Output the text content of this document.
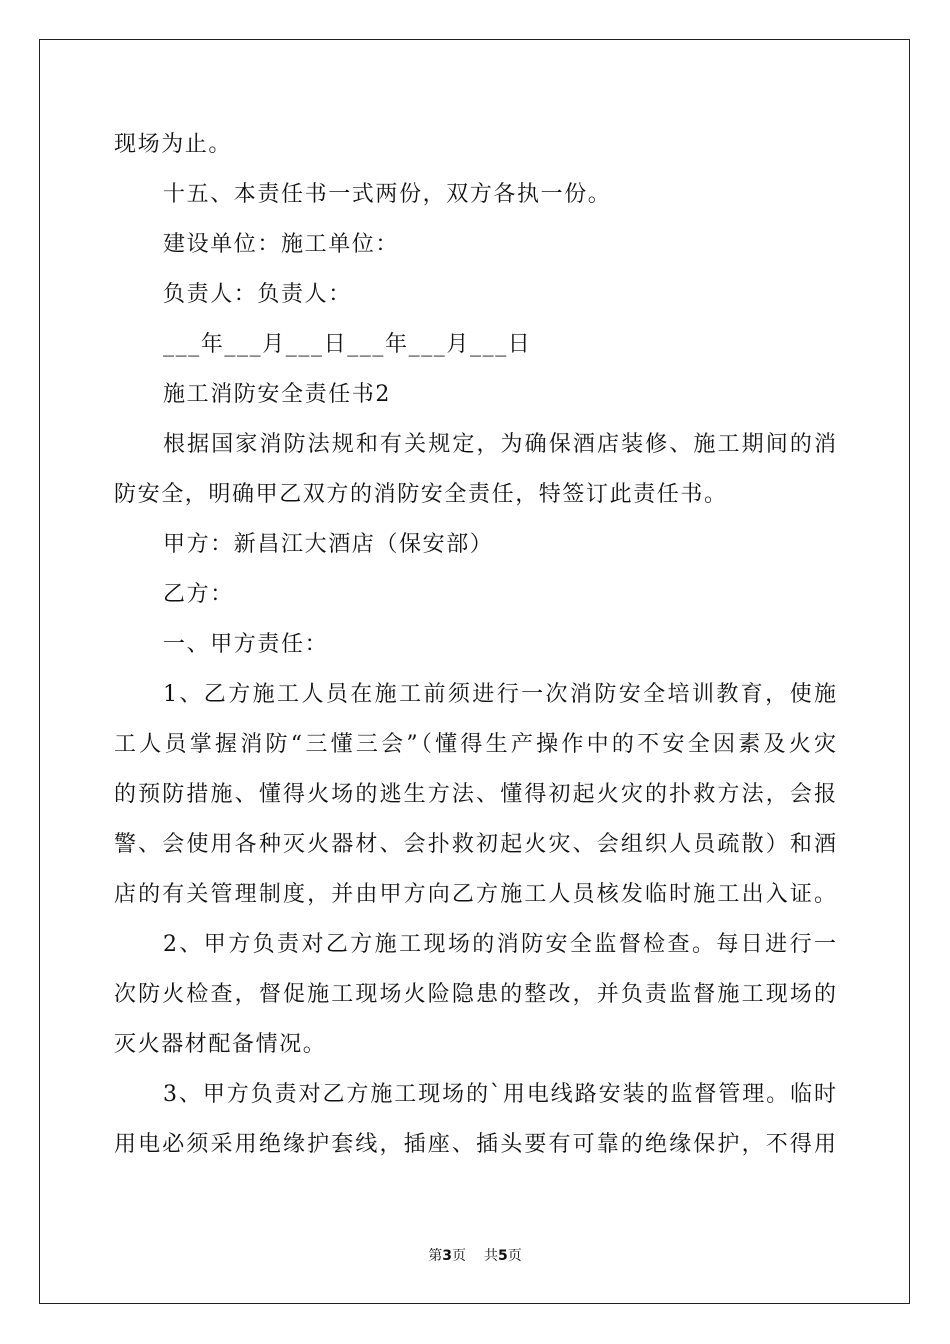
现场为止。
十五、本责任书一式两份，双方各执一份。
建设单位：施工单位：
负责人：负责人：
___年___月___日___年___月___日
施工消防安全责任书2
根据国家消防法规和有关规定，为确保酒店装修、施工期间的消
防安全，明确甲乙双方的消防安全责任，特签订此责任书。
甲方：新昌江大酒店（保安部）
乙方：
一、甲方责任：
1、乙方施工人员在施工前须进行一次消防安全培训教育，使施
工人员掌握消防“三懂三会”（懂得生产操作中的不安全因素及火灾
的预防措施、懂得火场的逃生方法、懂得初起火灾的扑救方法，会报
警、会使用各种灭火器材、会扑救初起火灾、会组织人员疏散）和酒
店的有关管理制度，并由甲方向乙方施工人员核发临时施工出入证。
2、甲方负责对乙方施工现场的消防安全监督检查。每日进行一
次防火检查，督促施工现场火险隐患的整改，并负责监督施工现场的
灭火器材配备情况。
3、甲方负责对乙方施工现场的`用电线路安装的监督管理。临时
用电必须采用绝缘护套线，插座、插头要有可靠的绝缘保护，不得用
第3页 共5页
